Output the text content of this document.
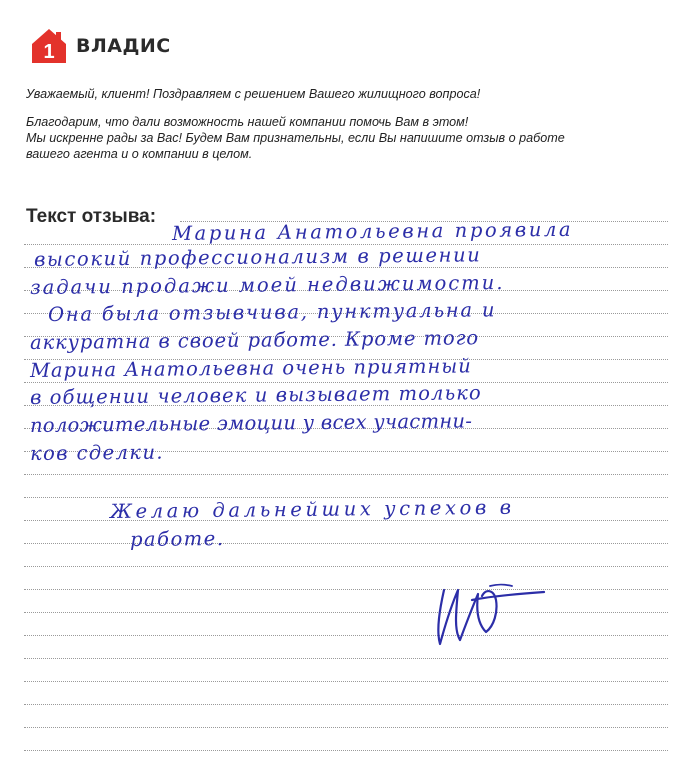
1 ВЛАДИС

Уважаемый, клиент! Поздравляем с решением Вашего жилищного вопроса!

Благодарим, что дали возможность нашей компании помочь Вам в этом!
Мы искренне рады за Вас! Будем Вам признательны, если Вы напишите отзыв о работе
вашего агента и о компании в целом.

Текст отзыва:
Марина Анатольевна проявила
высокий профессионализм в решении
задачи продажи моей недвижимости.
Она была отзывчива, пунктуальна и
аккуратна в своей работе. Кроме того
Марина Анатольевна очень приятный
в общении человек и вызывает только
положительные эмоции у всех участни-
ков сделки.
Желаю дальнейших успехов в
работе.
